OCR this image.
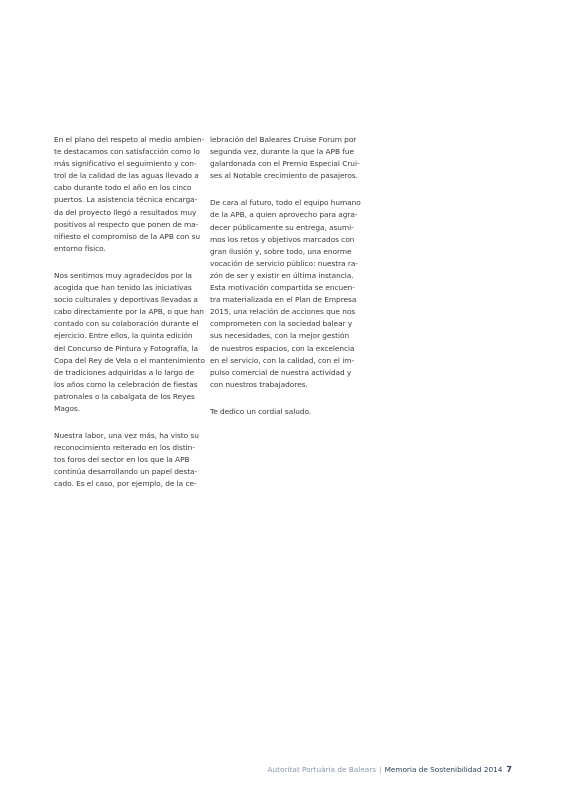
En el plano del respeto al medio ambien-
te destacamos con satisfacción como lo
más significativo el seguimiento y con-
trol de la calidad de las aguas llevado a
cabo durante todo el año en los cinco
puertos. La asistencia técnica encarga-
da del proyecto llegó a resultados muy
positivos al respecto que ponen de ma-
nifiesto el compromiso de la APB con su
entorno físico.

Nos sentimos muy agradecidos por la
acogida que han tenido las iniciativas
socio culturales y deportivas llevadas a
cabo directamente por la APB, o que han
contado con su colaboración durante el
ejercicio. Entre ellos, la quinta edición
del Concurso de Pintura y Fotografía, la
Copa del Rey de Vela o el mantenimiento
de tradiciones adquiridas a lo largo de
los años como la celebración de fiestas
patronales o la cabalgata de los Reyes
Magos.

Nuestra labor, una vez más, ha visto su
reconocimiento reiterado en los distin-
tos foros del sector en los que la APB
continúa desarrollando un papel desta-
cado. Es el caso, por ejemplo, de la ce-

lebración del Baleares Cruise Forum por
segunda vez, durante la que la APB fue
galardonada con el Premio Especial Crui-
ses al Notable crecimiento de pasajeros.

De cara al futuro, todo el equipo humano
de la APB, a quien aprovecho para agra-
decer públicamente su entrega, asumi-
mos los retos y objetivos marcados con
gran ilusión y, sobre todo, una enorme
vocación de servicio público: nuestra ra-
zón de ser y existir en última instancia.
Esta motivación compartida se encuen-
tra materializada en el Plan de Empresa
2015, una relación de acciones que nos
comprometen con la sociedad balear y
sus necesidades, con la mejor gestión
de nuestros espacios, con la excelencia
en el servicio, con la calidad, con el im-
pulso comercial de nuestra actividad y
con nuestros trabajadores.

Te dedico un cordial saludo.

Autoritat Portuària de Balears | Memoria de Sostenibilidad 2014 7
